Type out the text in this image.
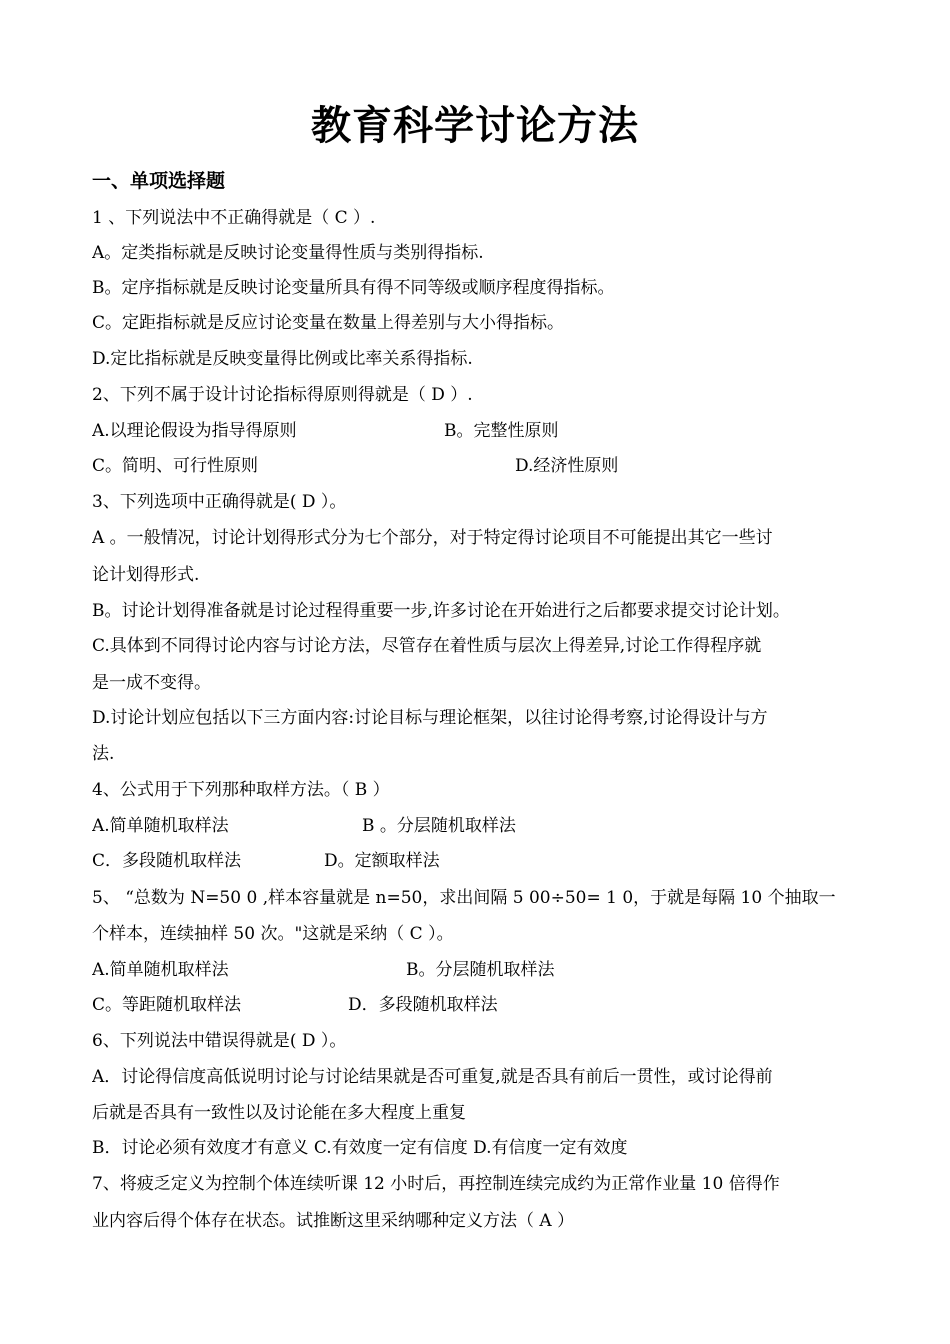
教育科学讨论方法
一、单项选择题
1 、下列说法中不正确得就是（ C ）.
A。定类指标就是反映讨论变量得性质与类别得指标.
B。定序指标就是反映讨论变量所具有得不同等级或顺序程度得指标。
C。定距指标就是反应讨论变量在数量上得差别与大小得指标。
D.定比指标就是反映变量得比例或比率关系得指标.
2、下列不属于设计讨论指标得原则得就是（ D ）.
A.以理论假设为指导得原则	B。完整性原则
C。简明、可行性原则	D.经济性原则
3、下列选项中正确得就是( D ）。
A 。一般情况，讨论计划得形式分为七个部分，对于特定得讨论项目不可能提出其它一些讨
论计划得形式.
B。讨论计划得准备就是讨论过程得重要一步,许多讨论在开始进行之后都要求提交讨论计划。
C.具体到不同得讨论内容与讨论方法，尽管存在着性质与层次上得差异,讨论工作得程序就
是一成不变得。
D.讨论计划应包括以下三方面内容:讨论目标与理论框架，以往讨论得考察,讨论得设计与方
法.
4、公式用于下列那种取样方法。（ B ）
A.简单随机取样法	B 。分层随机取样法
C．多段随机取样法	D。定额取样法
5、 “总数为 N=50 0 ,样本容量就是 n=50，求出间隔 5 00÷50= 1 0，于就是每隔 10 个抽取一
个样本，连续抽样 50 次。"这就是采纳（ C ）。
A.简单随机取样法	B。分层随机取样法
C。等距随机取样法	D．多段随机取样法
6、下列说法中错误得就是( D ）。
A．讨论得信度高低说明讨论与讨论结果就是否可重复,就是否具有前后一贯性，或讨论得前
后就是否具有一致性以及讨论能在多大程度上重复
B．讨论必须有效度才有意义 C.有效度一定有信度 D.有信度一定有效度
7、将疲乏定义为控制个体连续听课 12 小时后，再控制连续完成约为正常作业量 10 倍得作
业内容后得个体存在状态。试推断这里采纳哪种定义方法（ A ）
